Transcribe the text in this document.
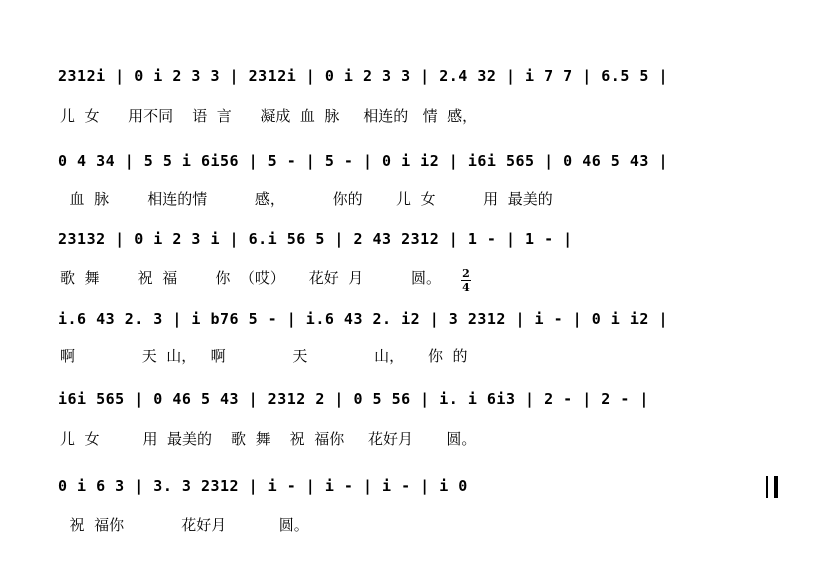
2312i | 0 i 2 3 3 | 2312i | 0 i 2 3 3 | 2.4 32 | i 7 7 | 6.5 5 |
儿  女      用不同    语  言      凝成  血  脉     相连的   情  感，
0 4 34 | 5 5 i 6i56 | 5 - | 5 - | 0 i i2 | i6i 565 | 0 46 5 43 |
血  脉        相连的情          感，          你的       儿  女          用  最美的
23132 | 0 i 2 3 i | 6.i 56 5 | 2 43 2312 | 1 - | 1 - |
歌  舞        祝  福        你  （哎）     花好  月          圆。 2
4
i.6 43 2. 3 | i b76 5 - | i.6 43 2. i2 | 3 2312 | i - | 0 i i2 |
啊              天  山，   啊              天              山，     你  的
i6i 565 | 0 46 5 43 | 2312 2 | 0 5 56 | i. i 6i3 | 2 - | 2 - |
儿  女         用  最美的    歌  舞    祝  福你     花好月       圆。
0 i 6 3 | 3. 3 2312 | i - | i - | i - | i 0
祝  福你            花好月           圆。
